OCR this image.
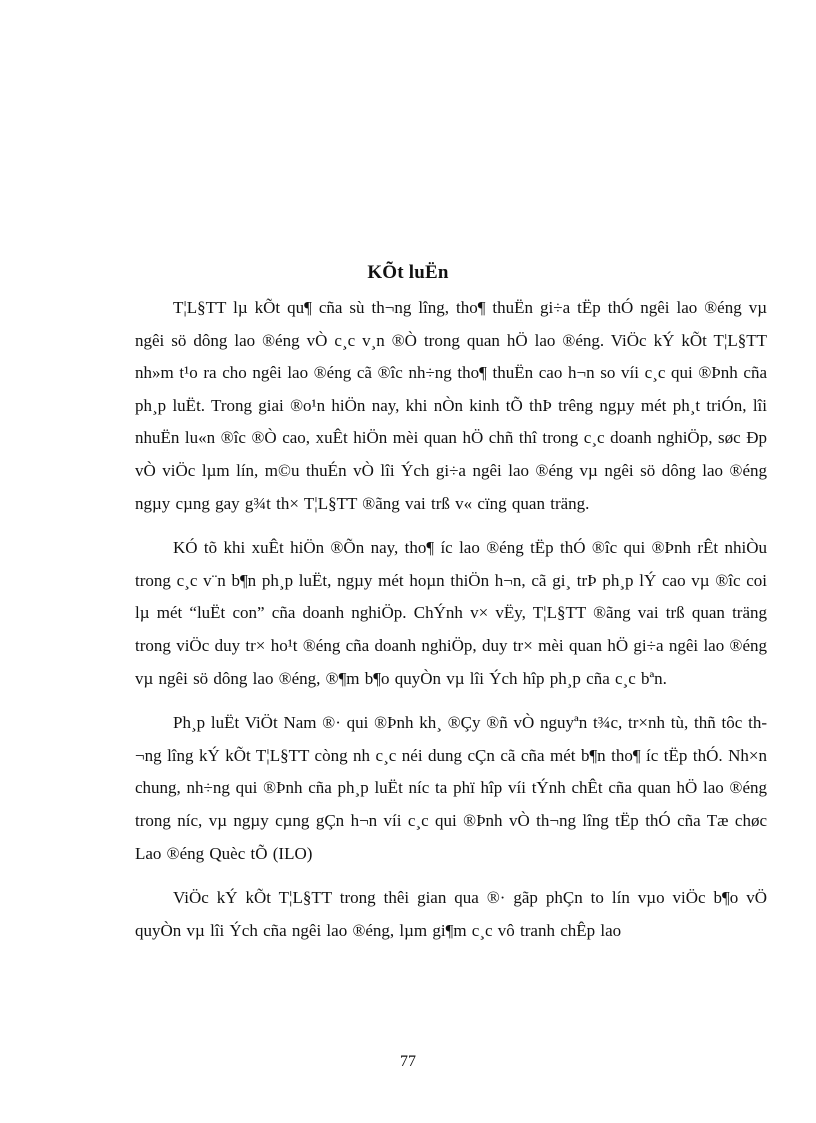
KÕt luËn

T¦L§TT lµ kÕt qu¶ cña sù th¬ng lîng, tho¶ thuËn gi÷a tËp thÓ ngêi lao ®éng vµ ngêi sö dông lao ®éng vÒ c¸c v¸n ®Ò trong quan hÖ lao ®éng. ViÖc kÝ kÕt T¦L§TT nh»m t¹o ra cho ngêi lao ®éng cã ®îc nh÷ng tho¶ thuËn cao h¬n so víi c¸c qui ®Þnh cña ph¸p luËt. Trong giai ®o¹n hiÖn nay, khi nÒn kinh tÕ thÞ trêng ngµy mét ph¸t triÓn, lîi nhuËn lu«n ®îc ®Ò cao, xuÊt hiÖn mèi quan hÖ chñ thî trong c¸c doanh nghiÖp, søc Ðp vÒ viÖc lµm lín, m©u thuÉn vÒ lîi Ých gi÷a ngêi lao ®éng vµ ngêi sö dông lao ®éng ngµy cµng gay g¾t th× T¦L§TT ®ãng vai trß v« cïng quan träng.

KÓ tõ khi xuÊt hiÖn ®Õn nay, tho¶ íc lao ®éng tËp thÓ ®îc qui ®Þnh rÊt nhiÒu trong c¸c v¨n b¶n ph¸p luËt, ngµy mét hoµn thiÖn h¬n, cã gi¸ trÞ ph¸p lÝ cao vµ ®îc coi lµ mét “luËt con” cña doanh nghiÖp. ChÝnh v× vËy, T¦L§TT ®ãng vai trß quan träng trong viÖc duy tr× ho¹t ®éng cña doanh nghiÖp, duy tr× mèi quan hÖ gi÷a ngêi lao ®éng vµ ngêi sö dông lao ®éng, ®¶m b¶o quyÒn vµ lîi Ých hîp ph¸p cña c¸c bªn.

Ph¸p luËt ViÖt Nam ®· qui ®Þnh kh¸ ®Çy ®ñ vÒ nguyªn t¾c, tr×nh tù, thñ tôc th¬ng lîng kÝ kÕt T¦L§TT còng nh c¸c néi dung cÇn cã cña mét b¶n tho¶ íc tËp thÓ. Nh×n chung, nh÷ng qui ®Þnh cña ph¸p luËt níc ta phï hîp víi tÝnh chÊt cña quan hÖ lao ®éng trong níc, vµ ngµy cµng gÇn h¬n víi c¸c qui ®Þnh vÒ th¬ng lîng tËp thÓ cña Tæ chøc Lao ®éng Quèc tÕ (ILO)

ViÖc kÝ kÕt T¦L§TT trong thêi gian qua ®· gãp phÇn to lín vµo viÖc b¶o vÖ quyÒn vµ lîi Ých cña ngêi lao ®éng, lµm gi¶m c¸c vô tranh chÊp lao

77
